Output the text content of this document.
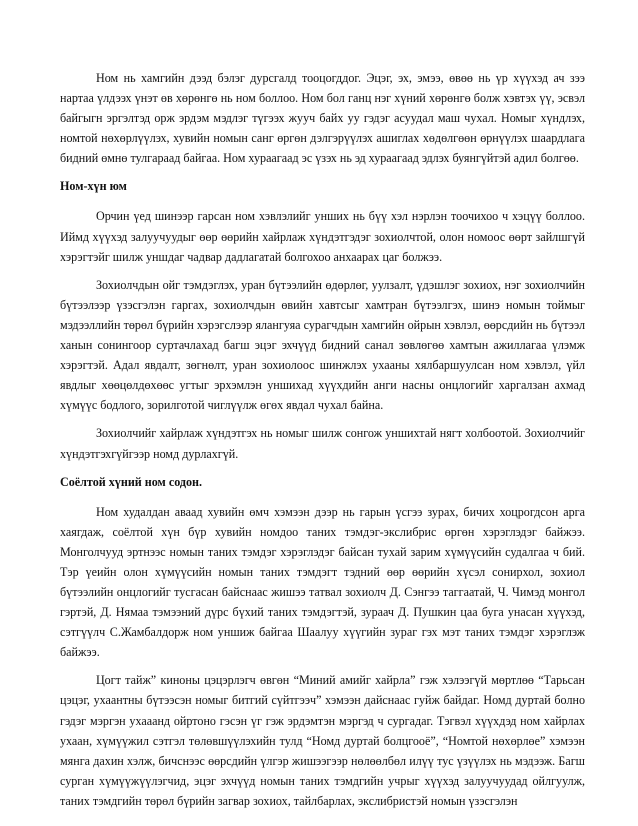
Ном нь хамгийн дээд бэлэг дурсгалд тооцогддог. Эцэг, эх, эмээ, өвөө нь үр хүүхэд ач зээ нартаа үлдээх үнэт өв хөрөнгө нь ном боллоо. Ном бол ганц нэг хүний хөрөнгө болж хэвтэх үү, эсвэл байгыгн эргэлтэд орж эрдэм мэдлэг түгээх жууч байх уу гэдэг асуудал маш чухал. Номыг хүндлэх, номтой нөхөрлүүлэх, хувийн номын санг өргөн дэлгэрүүлэх ашиглах хөдөлгөөн өрнүүлэх шаардлага бидний өмнө тулгараад байгаа. Ном хураагаад эс үзэх нь эд хураагаад эдлэх буянгүйтэй адил болгөө.

Ном-хүн юм

Орчин үед шинээр гарсан ном хэвлэлийг унших нь бүү хэл нэрлэн тоочихоо ч хэцүү боллоо. Иймд хүүхэд залуучуудыг өөр өөрийн хайрлаж хүндэтгэдэг зохиолчтой, олон номоос өөрт зайлшгүй хэрэгтэйг шилж уншдаг чадвар дадлагатай болгохоо анхаарах цаг болжээ.

Зохиолчдын ойг тэмдэглэх, уран бүтээлийн өдөрлөг, уулзалт, үдэшлэг зохиох, нэг зохиолчийн бүтээлээр үзэсгэлэн гаргах, зохиолчдын өвийн хавтсыг хамтран бүтээлгэх, шинэ номын тоймыг мэдээллийн төрөл бүрийн хэрэгслээр ялангуяа сурагчдын хамгийн ойрын хэвлэл, өөрсдийн нь бүтээл ханын сонингоор суртачлахад багш эцэг эхчүүд бидний санал зөвлөгөө хамтын ажиллагаа үлэмж хэрэгтэй. Адал явдалт, зөгнөлт, уран зохиолоос шинжлэх ухааны хялбаршуулсан ном хэвлэл, үйл явдлыг хөөцөлдөхөөс угтыг эрхэмлэн уншихад хүүхдийн анги насны онцлогийг харгалзан ахмад хүмүүс бодлого, зорилготой чиглүүлж өгөх явдал чухал байна.

Зохиолчийг хайрлаж хүндэтгэх нь номыг шилж сонгож уншихтай нягт холбоотой. Зохиолчийг хүндэтгэхгүйгээр номд дурлахгүй.

Соёлтой хүний ном содон.

Ном худалдан аваад хувийн өмч хэмээн дээр нь гарын үсгээ зурах, бичих хоцрогдсон арга хаягдаж, соёлтой хүн бүр хувийн номдоо таних тэмдэг-экслибрис өргөн хэрэглэдэг байжээ. Монголчууд эртнээс номын таних тэмдэг хэрэглэдэг байсан тухай зарим хүмүүсийн судалгаа ч бий. Тэр үеийн олон хүмүүсийн номын таних тэмдэгт тэдний өөр өөрийн хүсэл сонирхол, зохиол бүтээлийн онцлогийг тусгасан байснаас жишээ татвал зохиолч Д. Сэнгээ таггаатай, Ч. Чимэд монгол гэртэй, Д. Нямаа тэмээний дүрс бүхий таних тэмдэгтэй, зураач Д. Пушкин цаа буга унасан хүүхэд, сэтгүүлч С.Жамбалдорж ном уншиж байгаа Шаалуу хүүгийн зураг гэх мэт таних тэмдэг хэрэглэж байжээ.

Цогт тайж” киноны цэцэрлэгч өвгөн “Миний амийг хайрла” гэж хэлээгүй мөртлөө “Тарьсан цэцэг, ухаантны бүтээсэн номыг битгий сүйтгээч” хэмээн дайснаас гуйж байдаг. Номд дуртай болно гэдэг мэргэн ухааанд ойртоно гэсэн үг гэж эрдэмтэн мэргэд ч сургадаг. Тэгвэл хүүхдэд ном хайрлах ухаан, хүмүүжил сэтгэл төлөвшүүлэхийн тулд “Номд дуртай болцгооё”, “Номтой нөхөрлөе” хэмээн мянга дахин хэлж, бичснээс өөрсдийн үлгэр жишээгээр нөлөөлбөл илүү тус үзүүлэх нь мэдээж. Багш сурган хүмүүжүүлэгчид, эцэг эхчүүд номын таних тэмдгийн учрыг хүүхэд залуучуудад ойлгуулж, таних тэмдгийн төрөл бүрийн загвар зохиох, тайлбарлах, экслибристэй номын үзэсгэлэн
